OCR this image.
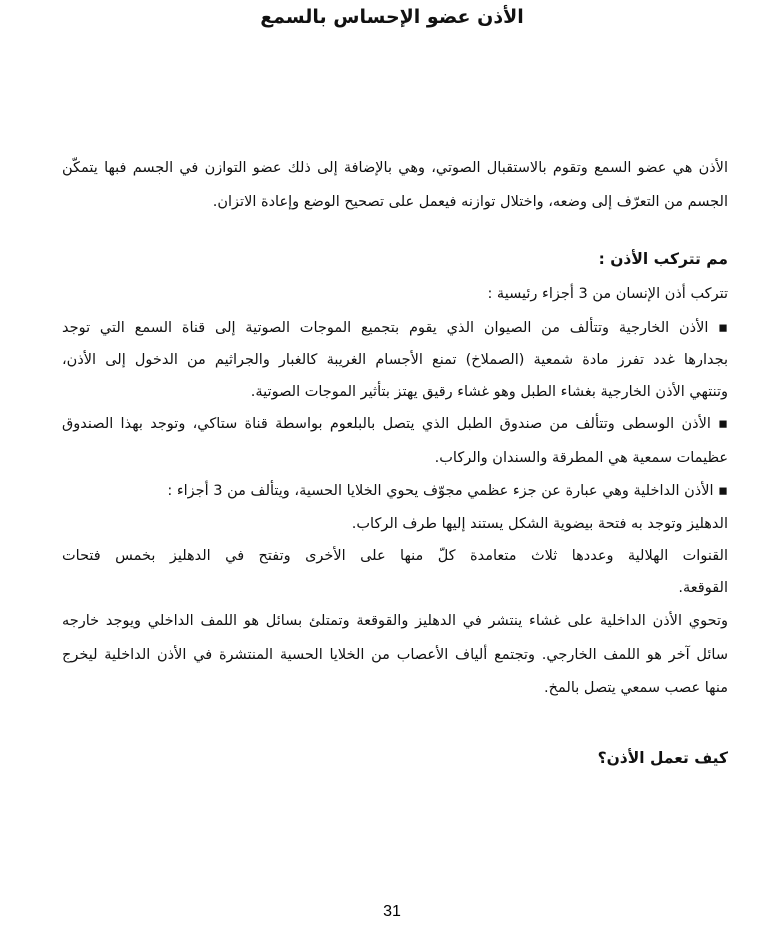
الأذن عضو الإحساس بالسمع
الأذن هي عضو السمع وتقوم بالاستقبال الصوتي، وهي بالإضافة إلى ذلك عضو التوازن في الجسم فبها يتمكّن
الجسم من التعرّف إلى وضعه، واختلال توازنه فيعمل على تصحيح الوضع وإعادة الاتزان.
مم تتركب الأذن :
تتركب أذن الإنسان من 3 أجزاء رئيسية :
▪ الأذن الخارجية وتتألف من الصيوان الذي يقوم بتجميع الموجات الصوتية إلى قناة السمع التي توجد
بجدارها غدد تفرز مادة شمعية (الصملاخ) تمنع الأجسام الغريبة كالغبار والجراثيم من الدخول إلى الأذن،
وتنتهي الأذن الخارجية بغشاء الطبل وهو غشاء رقيق يهتز بتأثير الموجات الصوتية.
▪ الأذن الوسطى وتتألف من صندوق الطبل الذي يتصل بالبلعوم بواسطة قناة ستاكي، وتوجد بهذا الصندوق
عظيمات سمعية هي المطرقة والسندان والركاب.
▪ الأذن الداخلية وهي عبارة عن جزء عظمي مجوّف يحوي الخلايا الحسية، ويتألف من 3 أجزاء :
الدهليز وتوجد به فتحة بيضوية الشكل يستند إليها طرف الركاب.
القنوات الهلالية وعددها ثلاث متعامدة كلّ منها على الأخرى وتفتح في الدهليز بخمس فتحات
القوقعة.
وتحوي الأذن الداخلية على غشاء ينتشر في الدهليز والقوقعة وتمتلئ بسائل هو اللمف الداخلي ويوجد خارجه
سائل آخر هو اللمف الخارجي. وتجتمع ألياف الأعصاب من الخلايا الحسية المنتشرة في الأذن الداخلية ليخرج
منها عصب سمعي يتصل بالمخ.
كيف تعمل الأذن؟
31
